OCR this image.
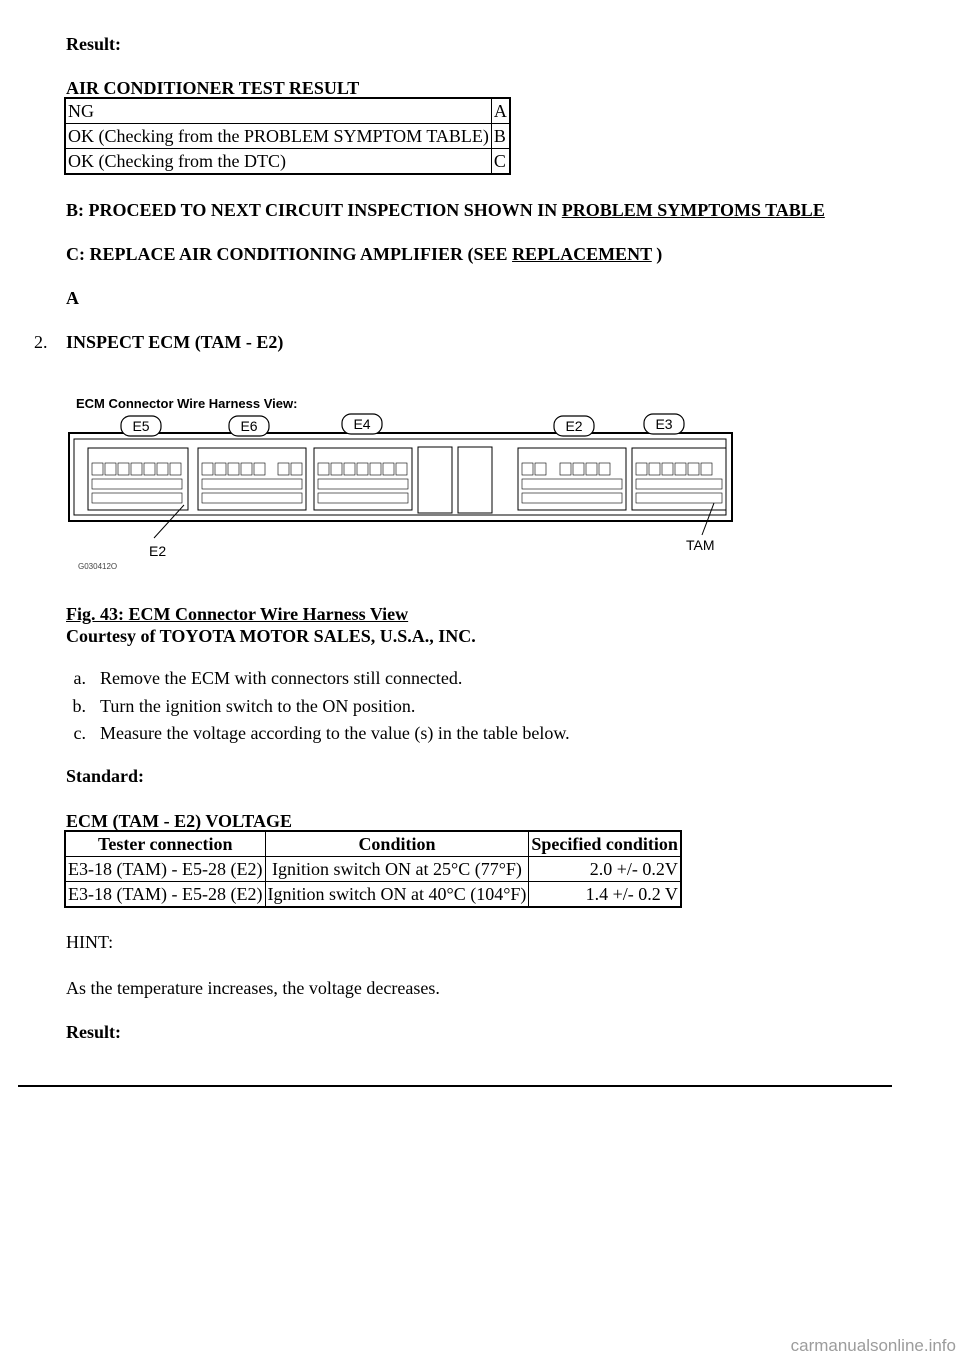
Result:
AIR CONDITIONER TEST RESULT
NG	A
OK (Checking from the PROBLEM SYMPTOM TABLE)	B
OK (Checking from the DTC)	C
B: PROCEED TO NEXT CIRCUIT INSPECTION SHOWN IN PROBLEM SYMPTOMS TABLE
C: REPLACE AIR CONDITIONING AMPLIFIER (SEE REPLACEMENT )
A
2. INSPECT ECM (TAM - E2)
ECM Connector Wire Harness View:
E5	E6	E4	E2	E3
E2	TAM
G030412O
Fig. 43: ECM Connector Wire Harness View
Courtesy of TOYOTA MOTOR SALES, U.S.A., INC.
a. Remove the ECM with connectors still connected.
b. Turn the ignition switch to the ON position.
c. Measure the voltage according to the value (s) in the table below.
Standard:
ECM (TAM - E2) VOLTAGE
Tester connection	Condition	Specified condition
E3-18 (TAM) - E5-28 (E2)	Ignition switch ON at 25°C (77°F)	2.0 +/- 0.2V
E3-18 (TAM) - E5-28 (E2)	Ignition switch ON at 40°C (104°F)	1.4 +/- 0.2 V
HINT:
As the temperature increases, the voltage decreases.
Result:
carmanualsonline.info
